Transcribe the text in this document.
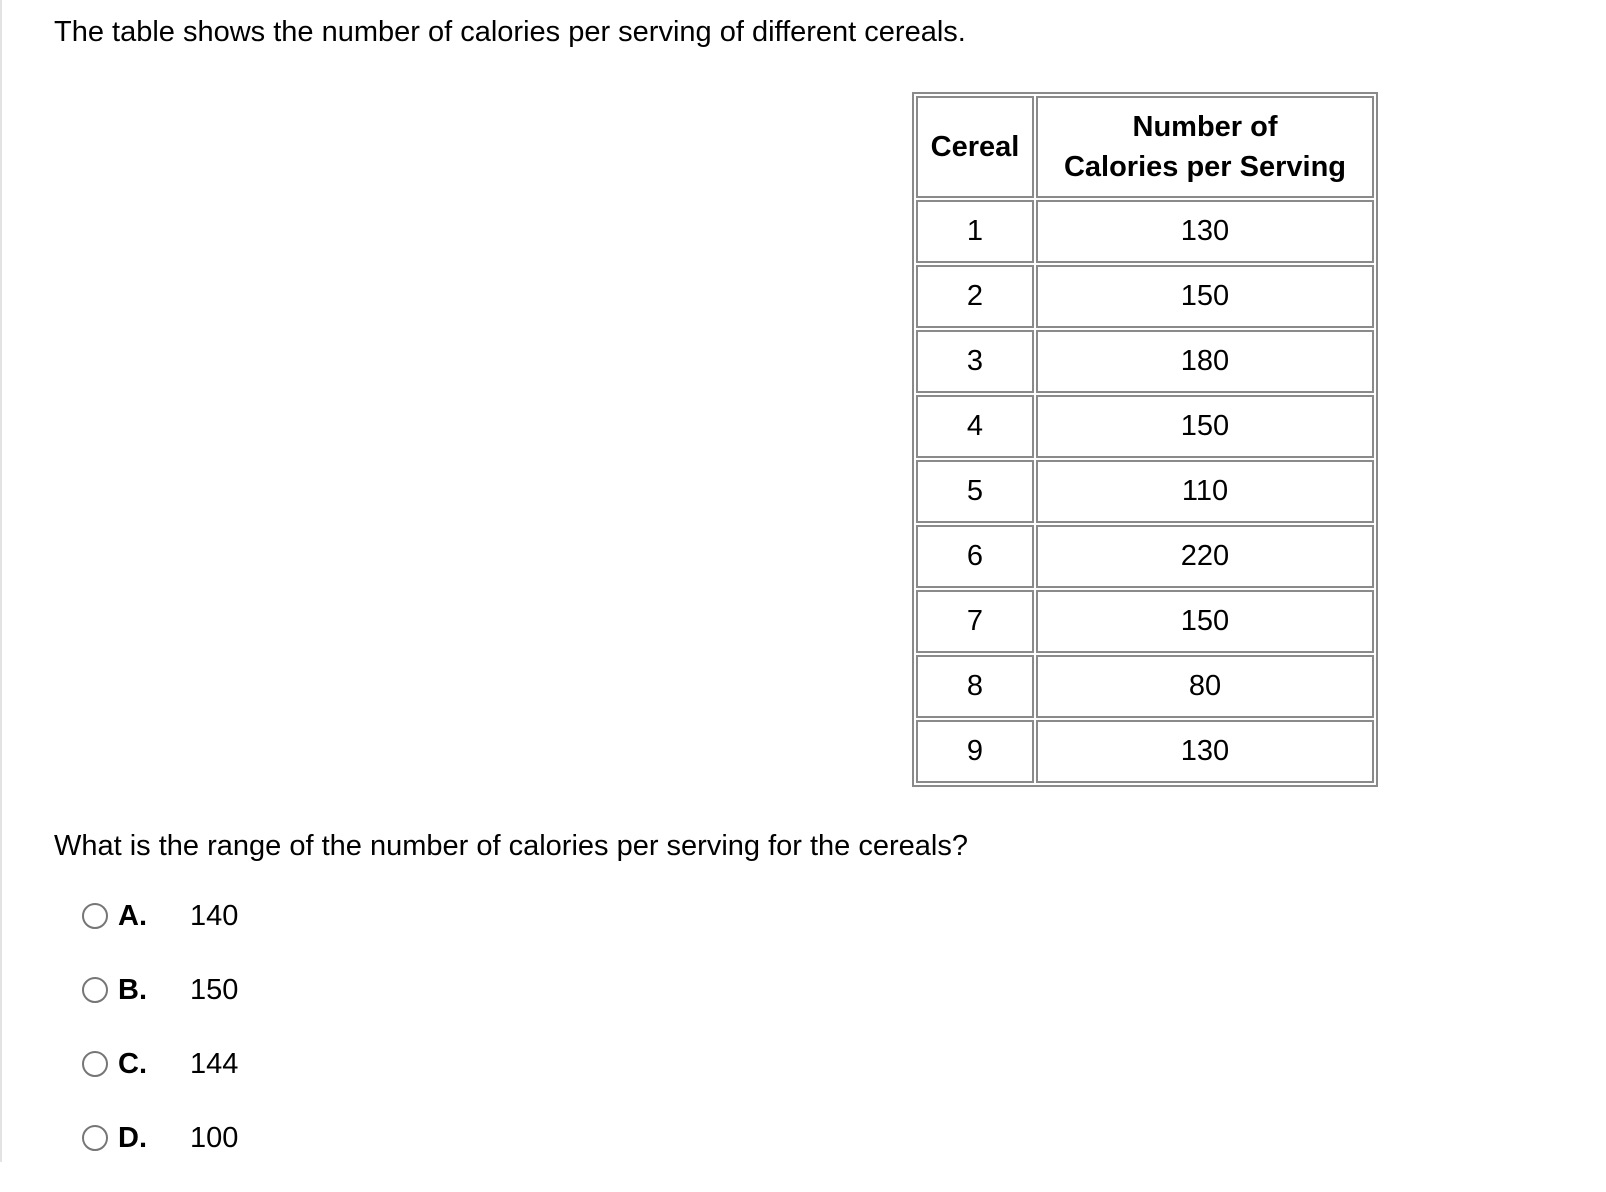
The table shows the number of calories per serving of different cereals.

Cereal	Number of
Calories per Serving
1	130
2	150
3	180
4	150
5	110
6	220
7	150
8	80
9	130

What is the range of the number of calories per serving for the cereals?

A.	140
B.	150
C.	144
D.	100
